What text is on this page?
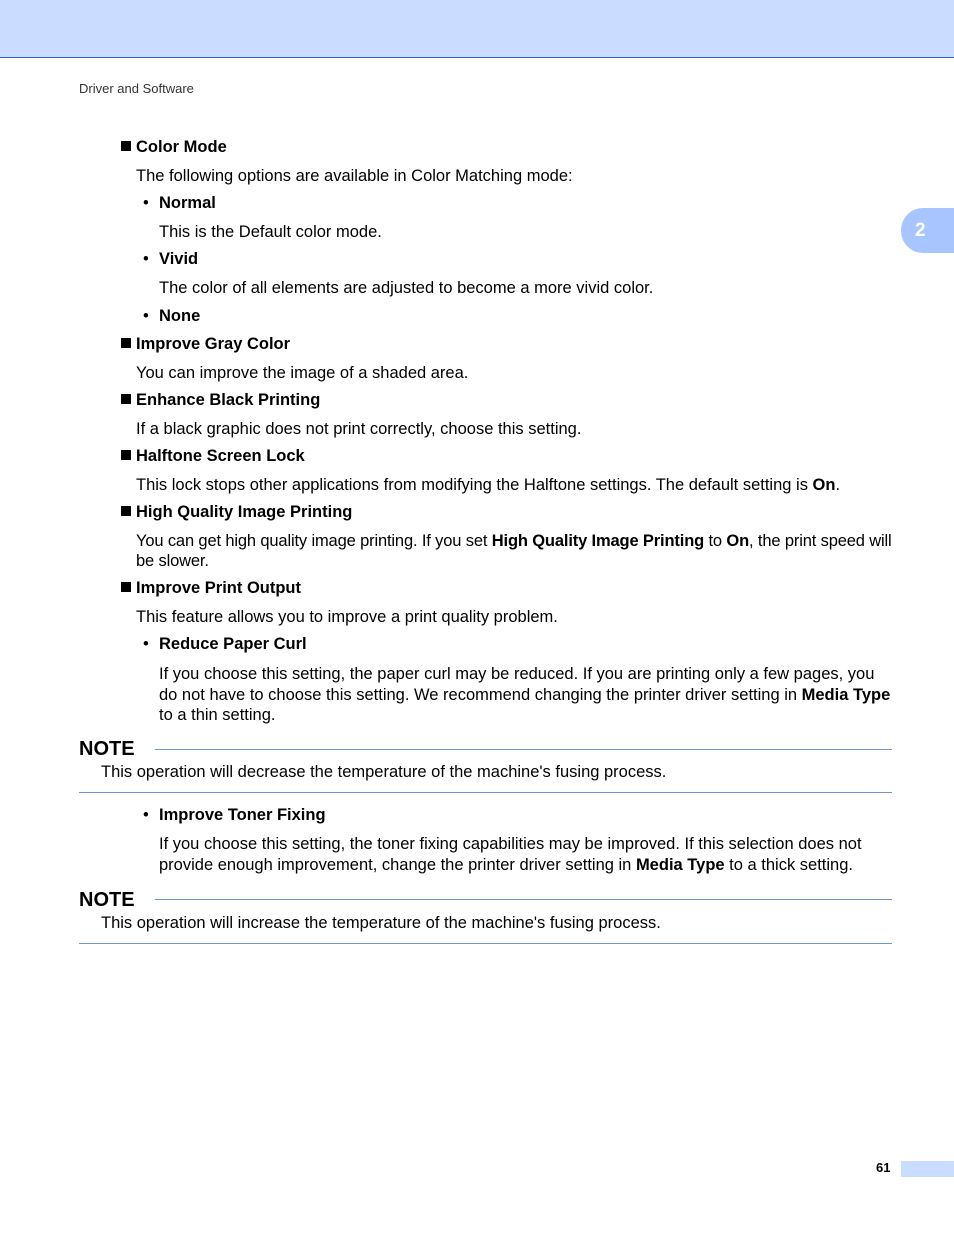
Driver and Software
2
Color Mode
The following options are available in Color Matching mode:
• Normal
This is the Default color mode.
• Vivid
The color of all elements are adjusted to become a more vivid color.
• None
Improve Gray Color
You can improve the image of a shaded area.
Enhance Black Printing
If a black graphic does not print correctly, choose this setting.
Halftone Screen Lock
This lock stops other applications from modifying the Halftone settings. The default setting is On.
High Quality Image Printing
You can get high quality image printing. If you set High Quality Image Printing to On, the print speed will be slower.
Improve Print Output
This feature allows you to improve a print quality problem.
• Reduce Paper Curl
If you choose this setting, the paper curl may be reduced. If you are printing only a few pages, you do not have to choose this setting. We recommend changing the printer driver setting in Media Type to a thin setting.
NOTE
This operation will decrease the temperature of the machine's fusing process.
• Improve Toner Fixing
If you choose this setting, the toner fixing capabilities may be improved. If this selection does not provide enough improvement, change the printer driver setting in Media Type to a thick setting.
NOTE
This operation will increase the temperature of the machine's fusing process.
61
